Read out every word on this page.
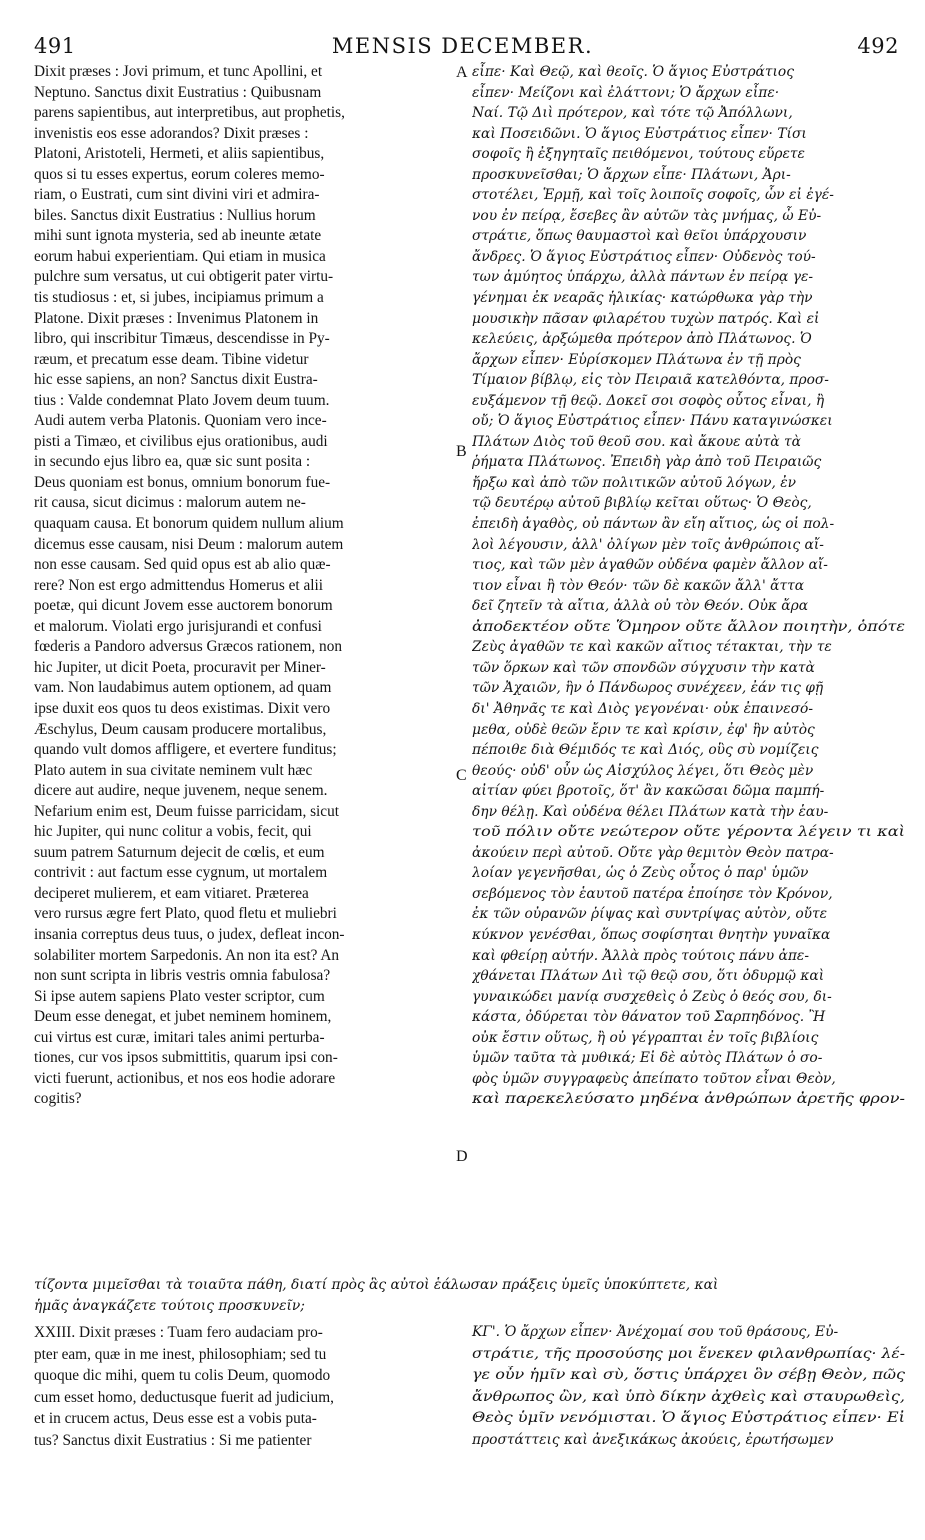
491	MENSIS DECEMBER.	492
A
B
C
D
Dixit præses : Jovi primum, et tunc Apollini, et
Neptuno. Sanctus dixit Eustratius : Quibusnam
parens sapientibus, aut interpretibus, aut prophetis,
invenistis eos esse adorandos? Dixit præses :
Platoni, Aristoteli, Hermeti, et aliis sapientibus,
quos si tu esses expertus, eorum coleres memo-
riam, o Eustrati, cum sint divini viri et admira-
biles. Sanctus dixit Eustratius : Nullius horum
mihi sunt ignota mysteria, sed ab ineunte ætate
eorum habui experientiam. Qui etiam in musica
pulchre sum versatus, ut cui obtigerit pater virtu-
tis studiosus : et, si jubes, incipiamus primum a
Platone. Dixit præses : Invenimus Platonem in
libro, qui inscribitur Timæus, descendisse in Py-
ræum, et precatum esse deam. Tibine videtur
hic esse sapiens, an non? Sanctus dixit Eustra-
tius : Valde condemnat Plato Jovem deum tuum.
Audi autem verba Platonis. Quoniam vero ince-
pisti a Timæo, et civilibus ejus orationibus, audi
in secundo ejus libro ea, quæ sic sunt posita :
Deus quoniam est bonus, omnium bonorum fue-
rit causa, sicut dicimus : malorum autem ne-
quaquam causa. Et bonorum quidem nullum alium
dicemus esse causam, nisi Deum : malorum autem
non esse causam. Sed quid opus est ab alio quæ-
rere? Non est ergo admittendus Homerus et alii
poetæ, qui dicunt Jovem esse auctorem bonorum
et malorum. Violati ergo jurisjurandi et confusi
fœderis a Pandoro adversus Græcos rationem, non
hic Jupiter, ut dicit Poeta, procuravit per Miner-
vam. Non laudabimus autem optionem, ad quam
ipse duxit eos quos tu deos existimas. Dixit vero
Æschylus, Deum causam producere mortalibus,
quando vult domos affligere, et evertere funditus;
Plato autem in sua civitate neminem vult hæc
dicere aut audire, neque juvenem, neque senem.
Nefarium enim est, Deum fuisse parricidam, sicut
hic Jupiter, qui nunc colitur a vobis, fecit, qui
suum patrem Saturnum dejecit de cœlis, et eum
contrivit : aut factum esse cygnum, ut mortalem
deciperet mulierem, et eam vitiaret. Præterea
vero rursus ægre fert Plato, quod fletu et muliebri
insania correptus deus tuus, o judex, defleat incon-
solabiliter mortem Sarpedonis. An non ita est? An
non sunt scripta in libris vestris omnia fabulosa?
Si ipse autem sapiens Plato vester scriptor, cum
Deum esse denegat, et jubet neminem hominem,
cui virtus est curæ, imitari tales animi perturba-
tiones, cur vos ipsos submittitis, quarum ipsi con-
victi fuerunt, actionibus, et nos eos hodie adorare
cogitis?
εἶπε· Καὶ Θεῷ, καὶ θεοῖς. Ὁ ἅγιος Εὐστράτιος
εἶπεν· Μείζονι καὶ ἐλάττονι; Ὁ ἄρχων εἶπε·
Ναί. Τῷ Διὶ πρότερον, καὶ τότε τῷ Ἀπόλλωνι,
καὶ Ποσειδῶνι. Ὁ ἅγιος Εὐστράτιος εἶπεν· Τίσι
σοφοῖς ἢ ἐξηγηταῖς πειθόμενοι, τούτους εὕρετε
προσκυνεῖσθαι; Ὁ ἄρχων εἶπε· Πλάτωνι, Ἀρι-
στοτέλει, Ἑρμῇ, καὶ τοῖς λοιποῖς σοφοῖς, ὧν εἰ ἐγέ-
νου ἐν πείρᾳ, ἔσεβες ἂν αὐτῶν τὰς μνήμας, ὦ Εὐ-
στράτιε, ὅπως θαυμαστοὶ καὶ θεῖοι ὑπάρχουσιν
ἄνδρες. Ὁ ἅγιος Εὐστράτιος εἶπεν· Οὐδενὸς τού-
των ἀμύητος ὑπάρχω, ἀλλὰ πάντων ἐν πείρᾳ γε-
γένημαι ἐκ νεαρᾶς ἡλικίας· κατώρθωκα γὰρ τὴν
μουσικὴν πᾶσαν φιλαρέτου τυχὼν πατρός. Καὶ εἰ
κελεύεις, ἀρξώμεθα πρότερον ἀπὸ Πλάτωνος. Ὁ
ἄρχων εἶπεν· Εὑρίσκομεν Πλάτωνα ἐν τῇ πρὸς
Τίμαιον βίβλῳ, εἰς τὸν Πειραιᾶ κατελθόντα, προσ-
ευξάμενον τῇ θεῷ. Δοκεῖ σοι σοφὸς οὗτος εἶναι, ἢ
οὔ; Ὁ ἅγιος Εὐστράτιος εἶπεν· Πάνυ καταγινώσκει
Πλάτων Διὸς τοῦ θεοῦ σου. καὶ ἄκουε αὐτὰ τὰ
ῥήματα Πλάτωνος. Ἐπειδὴ γὰρ ἀπὸ τοῦ Πειραιῶς
ἤρξω καὶ ἀπὸ τῶν πολιτικῶν αὐτοῦ λόγων, ἐν
τῷ δευτέρῳ αὐτοῦ βιβλίῳ κεῖται οὕτως· Ὁ Θεὸς,
ἐπειδὴ ἀγαθὸς, οὐ πάντων ἂν εἴη αἴτιος, ὡς οἱ πολ-
λοὶ λέγουσιν, ἀλλ' ὀλίγων μὲν τοῖς ἀνθρώποις αἴ-
τιος, καὶ τῶν μὲν ἀγαθῶν οὐδένα φαμὲν ἄλλον αἴ-
τιον εἶναι ἢ τὸν Θεόν· τῶν δὲ κακῶν ἄλλ' ἄττα
δεῖ ζητεῖν τὰ αἴτια, ἀλλὰ οὐ τὸν Θεόν. Οὐκ ἄρα
ἀποδεκτέον οὔτε Ὅμηρον οὔτε ἄλλον ποιητὴν, ὁπότε
Ζεὺς ἀγαθῶν τε καὶ κακῶν αἴτιος τέτακται, τὴν τε
τῶν ὅρκων καὶ τῶν σπονδῶν σύγχυσιν τὴν κατὰ
τῶν Ἀχαιῶν, ἣν ὁ Πάνδωρος συνέχεεν, ἐάν τις φῇ
δι' Ἀθηνᾶς τε καὶ Διὸς γεγονέναι· οὐκ ἐπαινεσό-
μεθα, οὐδὲ θεῶν ἔριν τε καὶ κρίσιν, ἐφ' ἣν αὐτὸς
πέποιθε διὰ Θέμιδός τε καὶ Διός, οὓς σὺ νομίζεις
θεούς· οὐδ' οὖν ὡς Αἰσχύλος λέγει, ὅτι Θεὸς μὲν
αἰτίαν φύει βροτοῖς, ὅτ' ἂν κακῶσαι δῶμα παμπή-
δην θέλῃ. Καὶ οὐδένα θέλει Πλάτων κατὰ τὴν ἑαυ-
τοῦ πόλιν οὔτε νεώτερον οὔτε γέροντα λέγειν τι καὶ
ἀκούειν περὶ αὐτοῦ. Οὔτε γὰρ θεμιτὸν Θεὸν πατρα-
λοίαν γεγενῆσθαι, ὡς ὁ Ζεὺς οὗτος ὁ παρ' ὑμῶν
σεβόμενος τὸν ἑαυτοῦ πατέρα ἐποίησε τὸν Κρόνον,
ἐκ τῶν οὐρανῶν ῥίψας καὶ συντρίψας αὐτὸν, οὔτε
κύκνον γενέσθαι, ὅπως σοφίσηται θνητὴν γυναῖκα
καὶ φθείρῃ αὐτήν. Ἀλλὰ πρὸς τούτοις πάνυ ἀπε-
χθάνεται Πλάτων Διὶ τῷ θεῷ σου, ὅτι ὀδυρμῷ καὶ
γυναικώδει μανίᾳ συσχεθεὶς ὁ Ζεὺς ὁ θεός σου, δι-
κάστα, ὀδύρεται τὸν θάνατον τοῦ Σαρπηδόνος. Ἢ
οὐκ ἔστιν οὕτως, ἢ οὐ γέγραπται ἐν τοῖς βιβλίοις
ὑμῶν ταῦτα τὰ μυθικά; Εἰ δὲ αὐτὸς Πλάτων ὁ σο-
φὸς ὑμῶν συγγραφεὺς ἀπείπατο τοῦτον εἶναι Θεὸν,
καὶ παρεκελεύσατο μηδένα ἀνθρώπων ἀρετῆς φρον-
τίζοντα μιμεῖσθαι τὰ τοιαῦτα πάθη, διατί πρὸς ἃς αὐτοὶ ἑάλωσαν πράξεις ὑμεῖς ὑποκύπτετε, καὶ
ἡμᾶς ἀναγκάζετε τούτοις προσκυνεῖν;
XXIII. Dixit præses : Tuam fero audaciam pro-
pter eam, quæ in me inest, philosophiam; sed tu
quoque dic mihi, quem tu colis Deum, quomodo
cum esset homo, deductusque fuerit ad judicium,
et in crucem actus, Deus esse est a vobis puta-
tus? Sanctus dixit Eustratius : Si me patienter
ΚΓ'. Ὁ ἄρχων εἶπεν· Ἀνέχομαί σου τοῦ θράσους, Εὐ-
στράτιε, τῆς προσούσης μοι ἕνεκεν φιλανθρωπίας· λέ-
γε οὖν ἡμῖν καὶ σὺ, ὅστις ὑπάρχει ὃν σέβῃ Θεὸν, πῶς
ἄνθρωπος ὢν, καὶ ὑπὸ δίκην ἀχθεὶς καὶ σταυρωθεὶς,
Θεὸς ὑμῖν νενόμισται. Ὁ ἅγιος Εὐστράτιος εἶπεν· Εἰ
προστάττεις καὶ ἀνεξικάκως ἀκούεις, ἐρωτήσωμεν
